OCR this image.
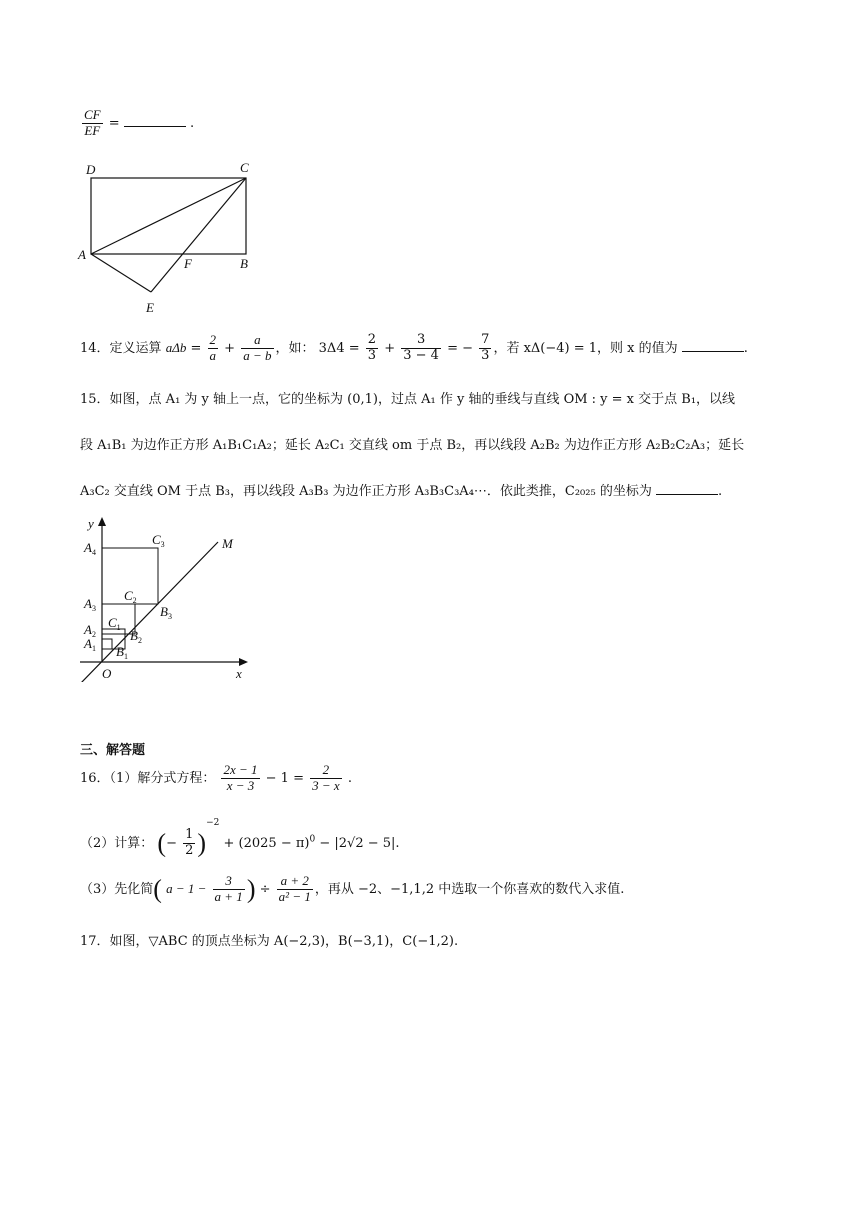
$\frac{CF}{EF}$ =	.
D	C
A
F	B
E
14．定义运算 $a\Delta b = \frac{2}{a} + \frac{a}{a - b}$ ，如： $3\Delta 4 = \frac{2}{3} + \frac{3}{3 - 4}$ = − $\frac{7}{3}$ ，若 xΔ(−4) = 1，则 x 的值为	.
15．如图，点 A₁ 为 y 轴上一点，它的坐标为 (0,1)，过点 A₁ 作 y 轴的垂线与直线 OM : y = x 交于点 B₁，以线
段 A₁B₁ 为边作正方形 A₁B₁C₁A₂；延长 A₂C₁ 交直线 om 于点 B₂，再以线段 A₂B₂ 为边作正方形 A₂B₂C₂A₃；延长
A₃C₂ 交直线 OM 于点 B₃，再以线段 A₃B₃ 为边作正方形 A₃B₃C₃A₄⋯．依此类推，C₂₀₂₅ 的坐标为	.
y
M
$C_3$
$A_4$
$C_2$
$A_3$	$B_3$
$A_2$
$C_1$
$B_2$
$A_1$ $B_1$
O	x
三、解答题
16．（1）解分式方程： $\frac{2x - 1}{x - 3} - 1 = \frac{2}{3 - x}$ .
（2）计算： (− $\frac{1}{2} )^{-2} + (2025 - \pi)^0 - |2√2 - 5|$.
（3）先化简( $a - 1 - \frac{3}{a + 1}$ ) ÷ $\frac{a + 2}{\text{a² − 1}}$ ，再从 −2、−1,1,2 中选取一个你喜欢的数代入求值.
17．如图，▽ABC 的顶点坐标为 A(−2,3)，B(−3,1)，C(−1,2).
